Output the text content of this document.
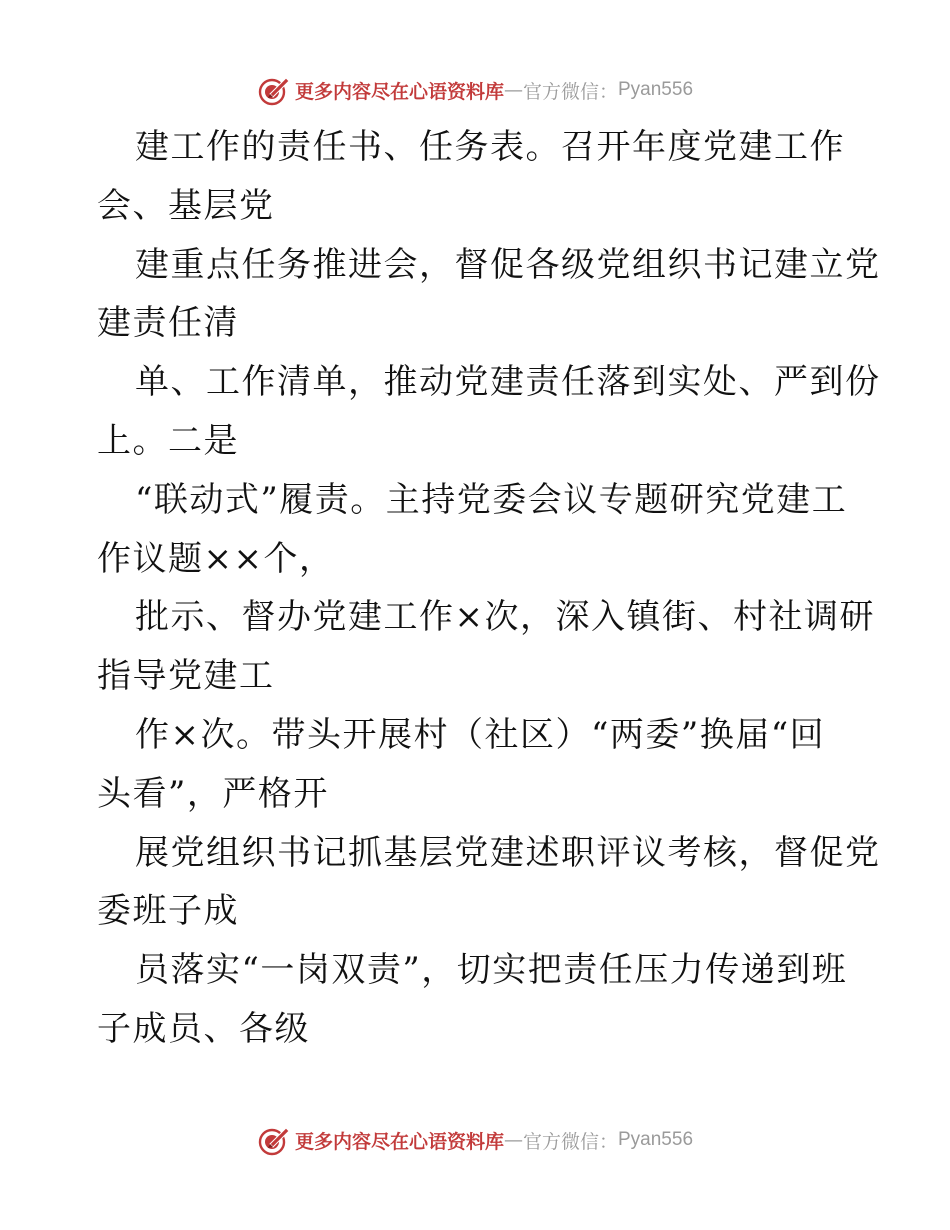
更多内容尽在心语资料库 — 官方微信： Pyan556
建工作的责任书、任务表。召开年度党建工作
会、基层党
建重点任务推进会，督促各级党组织书记建立党
建责任清
单、工作清单，推动党建责任落到实处、严到份
上。二是
“联动式”履责。主持党委会议专题研究党建工
作议题××个，
批示、督办党建工作×次，深入镇街、村社调研
指导党建工
作×次。带头开展村（社区）“两委”换届“回
头看”，严格开
展党组织书记抓基层党建述职评议考核，督促党
委班子成
员落实“一岗双责”，切实把责任压力传递到班
子成员、各级
更多内容尽在心语资料库 — 官方微信： Pyan556
